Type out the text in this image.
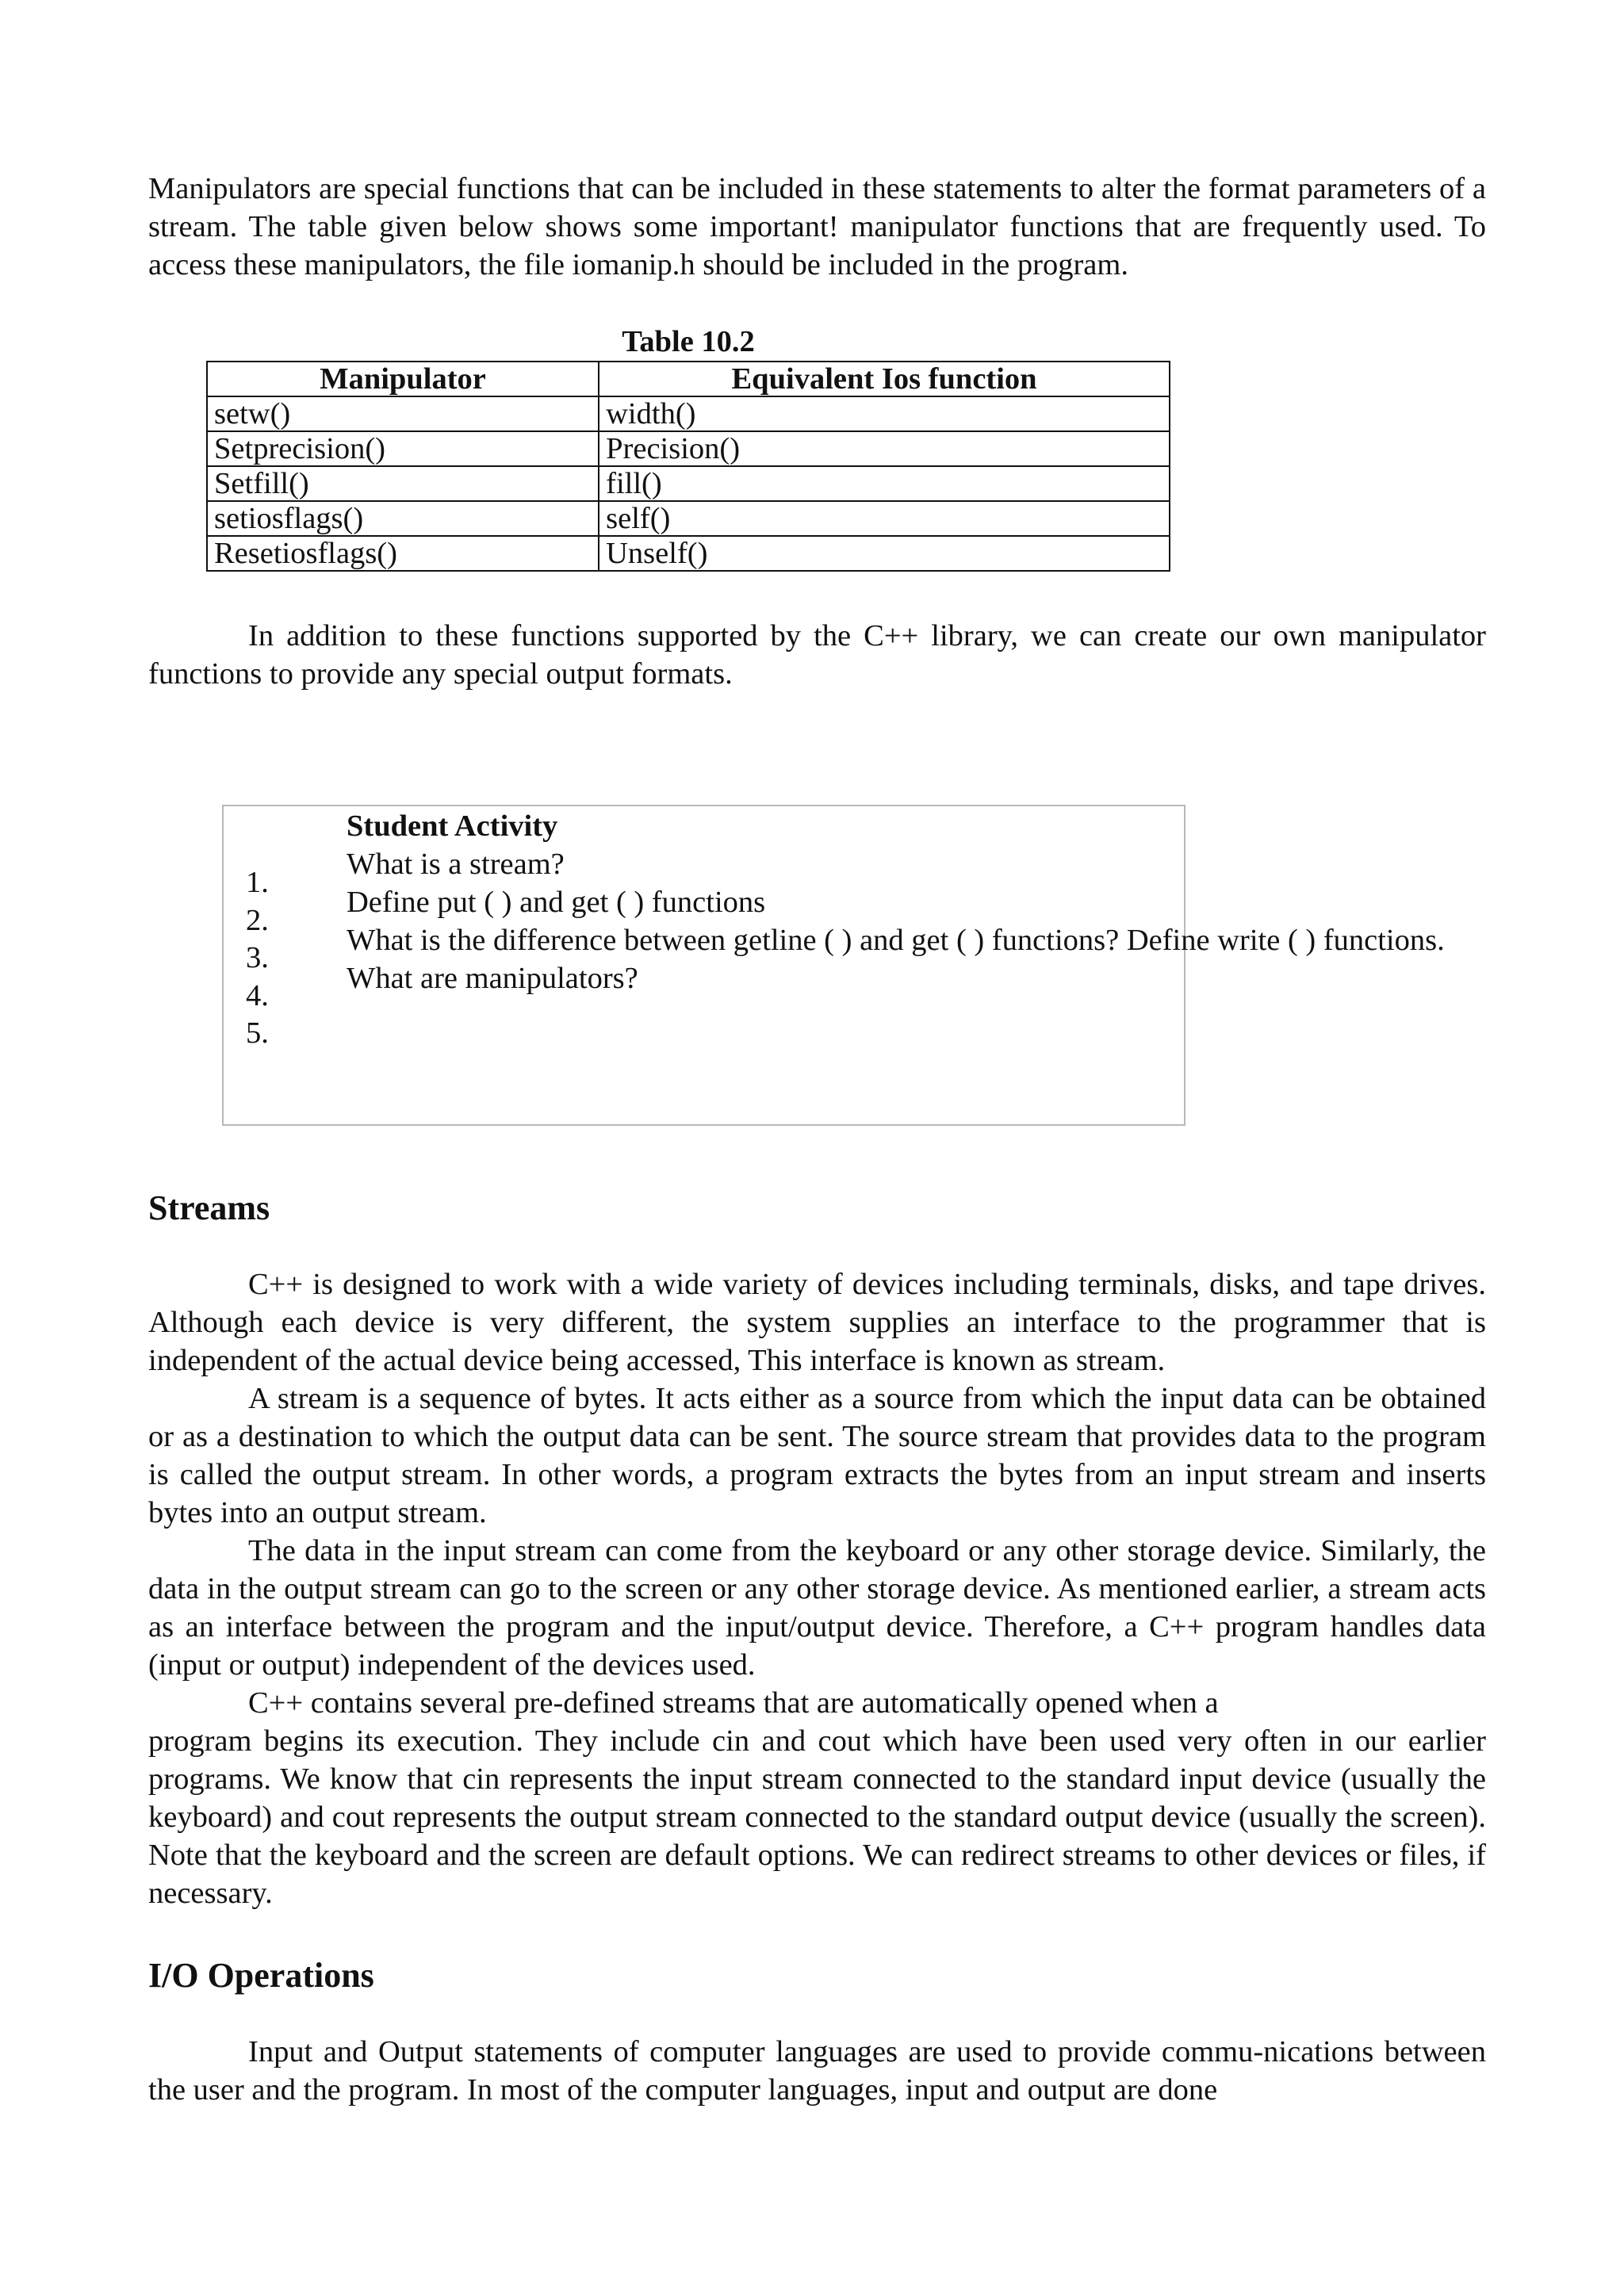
Manipulators are special functions that can be included in these statements to alter the format parameters of a stream. The table given below shows some important! manipulator functions that are frequently used. To access these manipulators, the file iomanip.h should be included in the program.

Table 10.2

Manipulator	Equivalent Ios function
setw()	width()
Setprecision()	Precision()
Setfill()	fill()
setiosflags()	self()
Resetiosflags()	Unself()

In addition to these functions supported by the C++ library, we can create our own manipulator functions to provide any special output formats.

Student Activity

1.
2.
3.
4.
5.
What is a stream?
Define put ( ) and get ( ) functions
What is the difference between getline ( ) and get ( ) functions? Define write ( ) functions.
What are manipulators?
Streams

C++ is designed to work with a wide variety of devices including terminals, disks, and tape drives. Although each device is very different, the system supplies an interface to the programmer that is independent of the actual device being accessed, This interface is known as stream.

A stream is a sequence of bytes. It acts either as a source from which the input data can be obtained or as a destination to which the output data can be sent. The source stream that provides data to the program is called the output stream. In other words, a program extracts the bytes from an input stream and inserts bytes into an output stream.

The data in the input stream can come from the keyboard or any other storage device. Similarly, the data in the output stream can go to the screen or any other storage device. As mentioned earlier, a stream acts as an interface between the program and the input/output device. Therefore, a C++ program handles data (input or output) independent of the devices used.

C++ contains several pre-defined streams that are automatically opened when a

program begins its execution. They include cin and cout which have been used very often in our earlier programs. We know that cin represents the input stream connected to the standard input device (usually the keyboard) and cout represents the output stream connected to the standard output device (usually the screen). Note that the keyboard and the screen are default options. We can redirect streams to other devices or files, if necessary.

I/O Operations

Input and Output statements of computer languages are used to provide commu-nications between the user and the program. In most of the computer languages, input and output are done
